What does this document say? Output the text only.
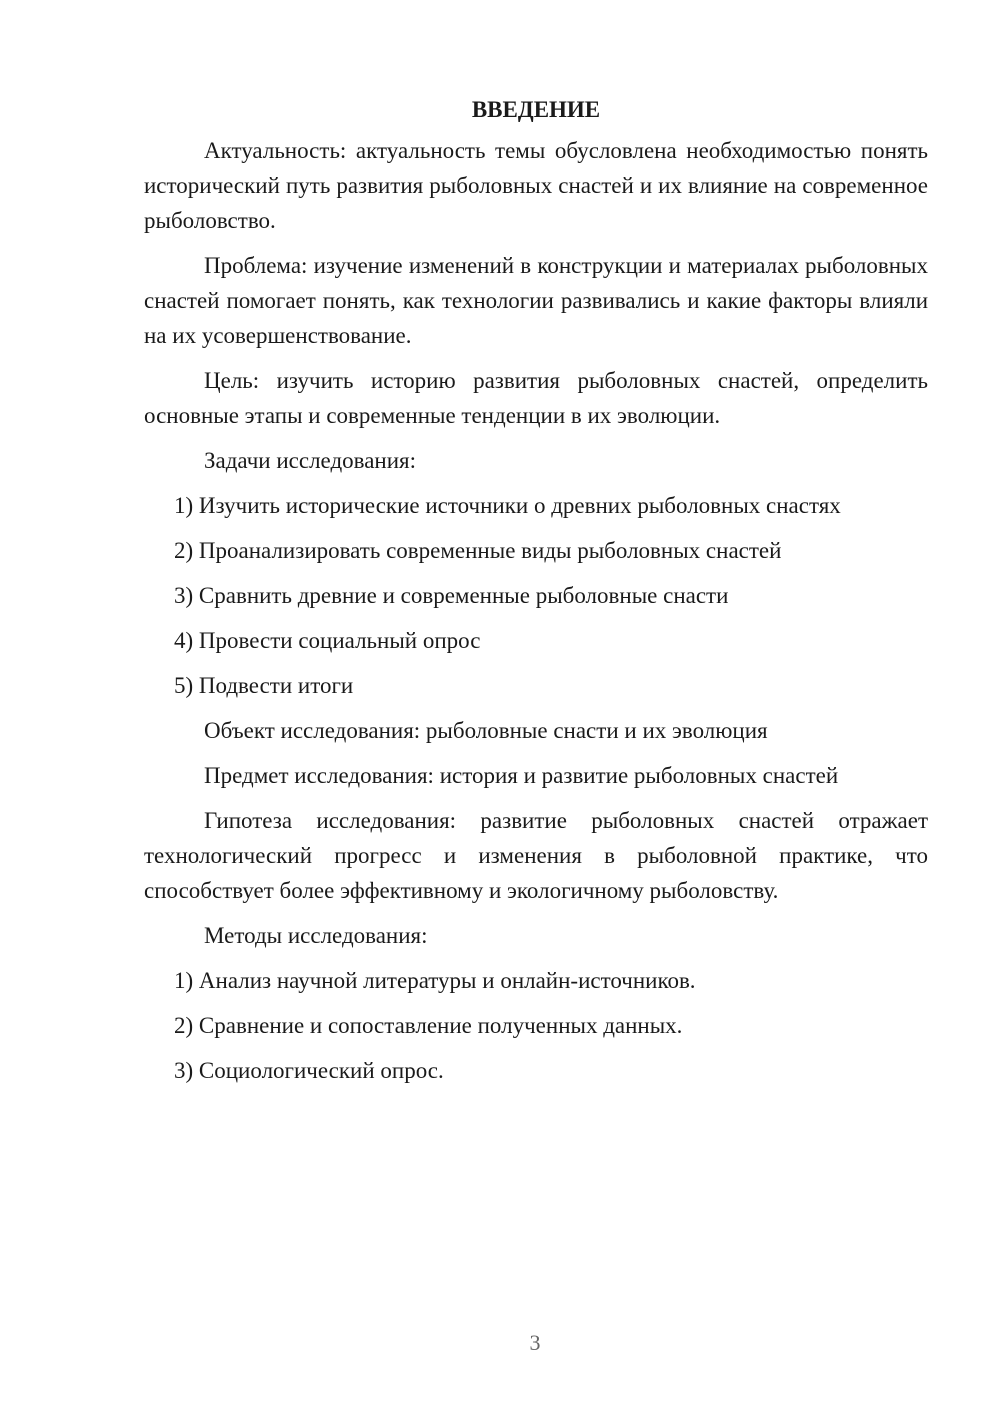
ВВЕДЕНИЕ

Актуальность: актуальность темы обусловлена необходимостью понять исторический путь развития рыболовных снастей и их влияние на современное рыболовство.

Проблема: изучение изменений в конструкции и материалах рыболовных снастей помогает понять, как технологии развивались и какие факторы влияли на их усовершенствование.

Цель: изучить историю развития рыболовных снастей, определить основные этапы и современные тенденции в их эволюции.

Задачи исследования:

1) Изучить исторические источники о древних рыболовных снастях
2) Проанализировать современные виды рыболовных снастей
3) Сравнить древние и современные рыболовные снасти
4) Провести социальный опрос
5) Подвести итоги

Объект исследования: рыболовные снасти и их эволюция

Предмет исследования: история и развитие рыболовных снастей

Гипотеза исследования: развитие рыболовных снастей отражает технологический прогресс и изменения в рыболовной практике, что способствует более эффективному и экологичному рыболовству.

Методы исследования:

1) Анализ научной литературы и онлайн-источников.
2) Сравнение и сопоставление полученных данных.
3) Социологический опрос.
3
